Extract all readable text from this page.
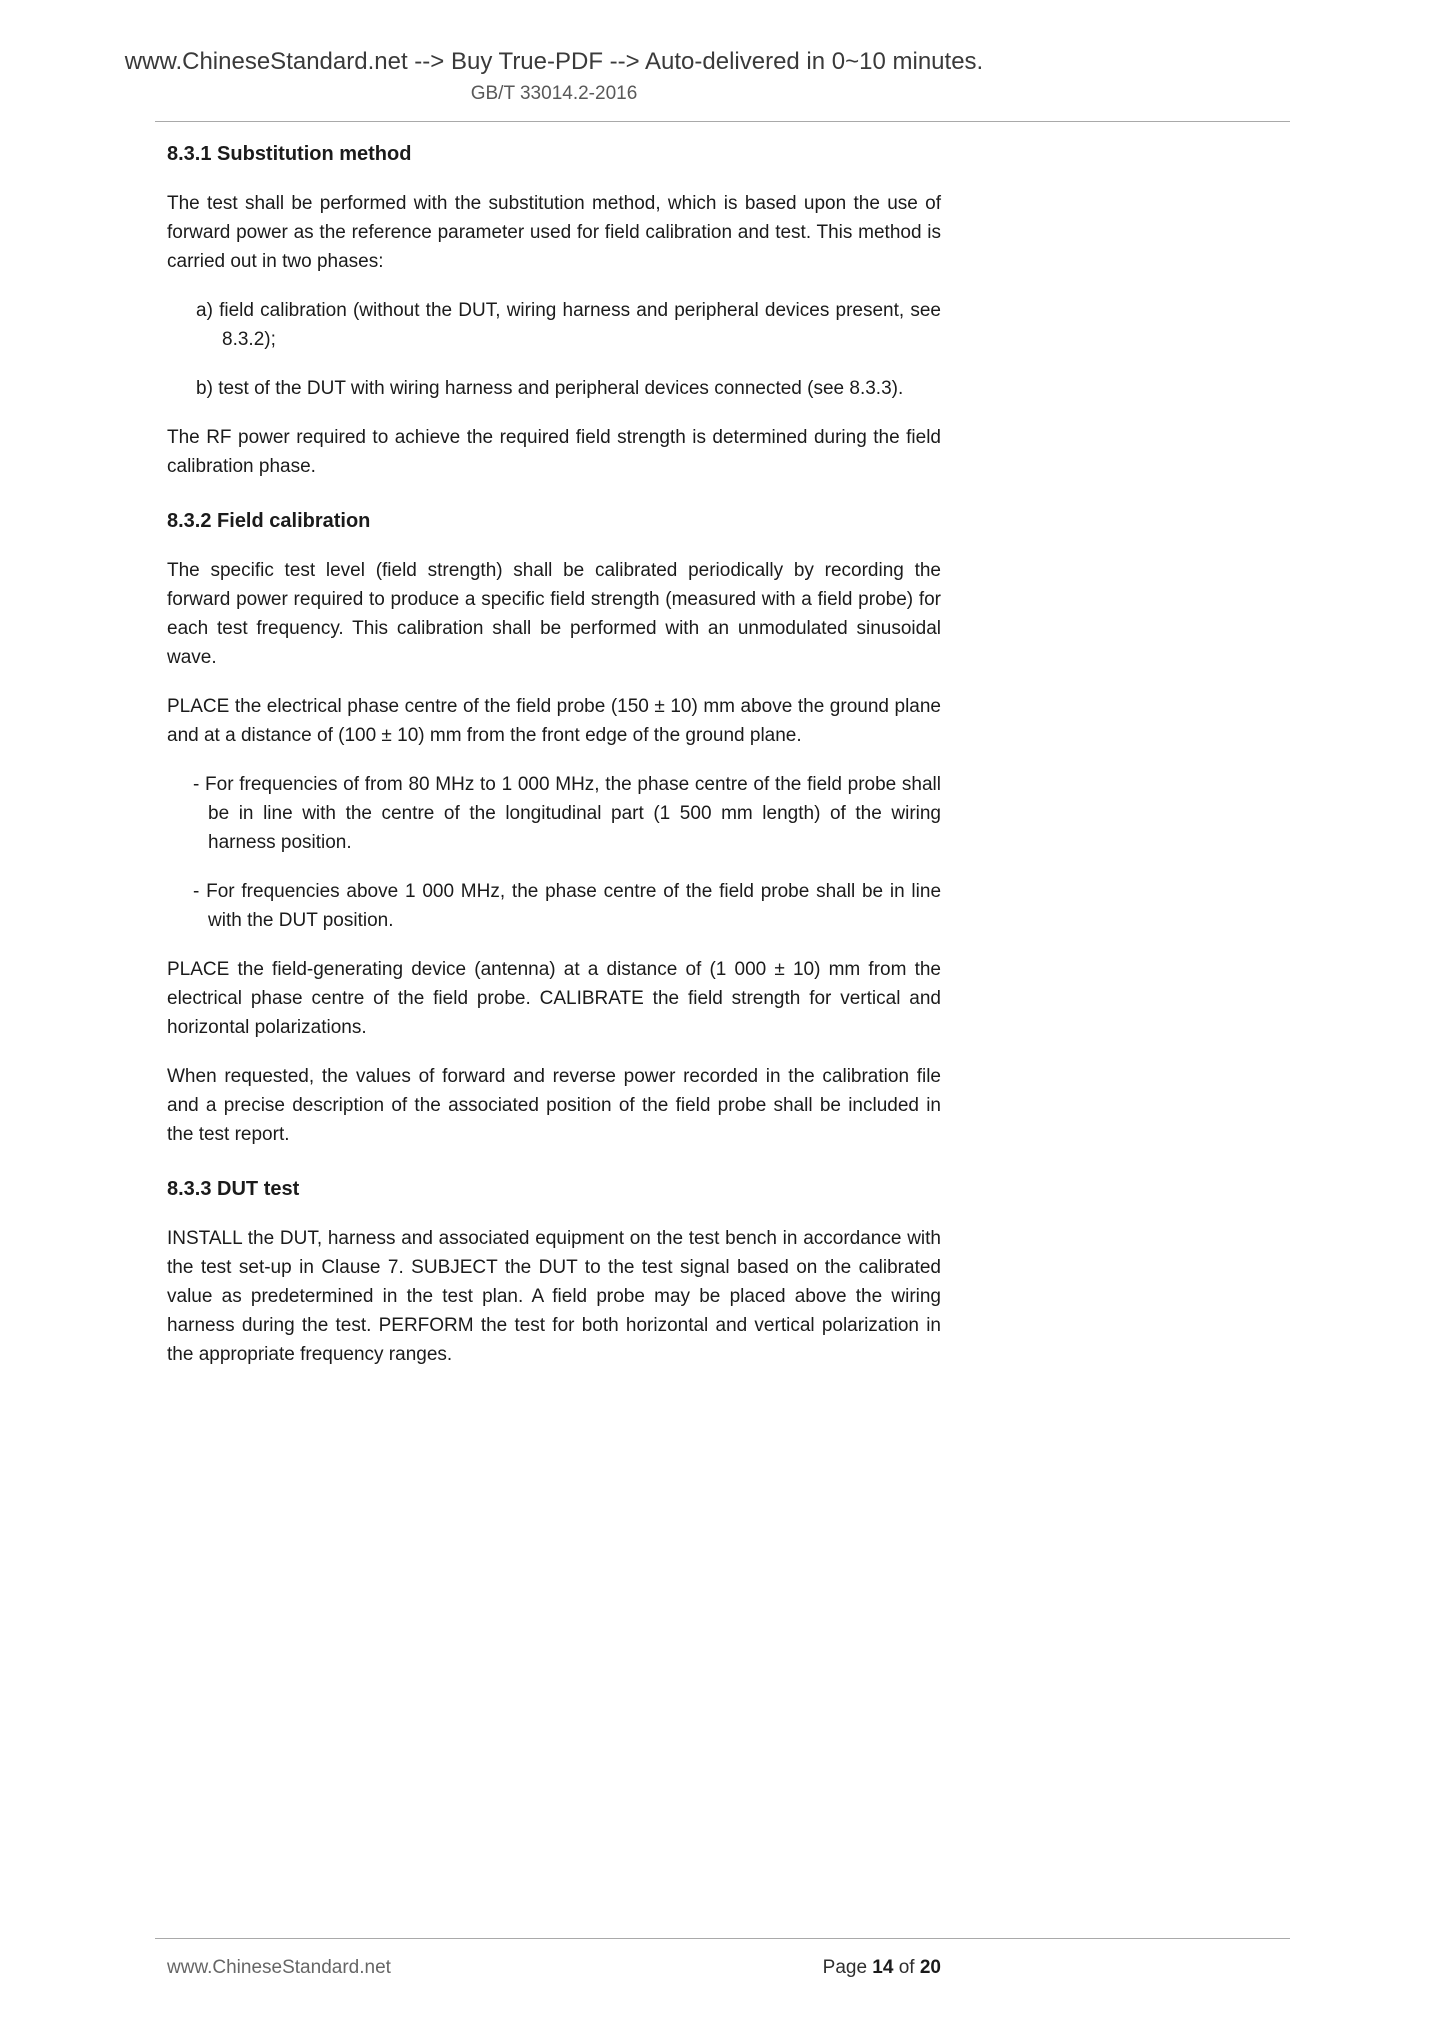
www.ChineseStandard.net --> Buy True-PDF --> Auto-delivered in 0~10 minutes.
GB/T 33014.2-2016

8.3.1 Substitution method

The test shall be performed with the substitution method, which is based upon the use of forward power as the reference parameter used for field calibration and test. This method is carried out in two phases:

a) field calibration (without the DUT, wiring harness and peripheral devices present, see 8.3.2);

b) test of the DUT with wiring harness and peripheral devices connected (see 8.3.3).

The RF power required to achieve the required field strength is determined during the field calibration phase.

8.3.2 Field calibration

The specific test level (field strength) shall be calibrated periodically by recording the forward power required to produce a specific field strength (measured with a field probe) for each test frequency. This calibration shall be performed with an unmodulated sinusoidal wave.

PLACE the electrical phase centre of the field probe (150 ± 10) mm above the ground plane and at a distance of (100 ± 10) mm from the front edge of the ground plane.

- For frequencies of from 80 MHz to 1 000 MHz, the phase centre of the field probe shall be in line with the centre of the longitudinal part (1 500 mm length) of the wiring harness position.

- For frequencies above 1 000 MHz, the phase centre of the field probe shall be in line with the DUT position.

PLACE the field-generating device (antenna) at a distance of (1 000 ± 10) mm from the electrical phase centre of the field probe. CALIBRATE the field strength for vertical and horizontal polarizations.

When requested, the values of forward and reverse power recorded in the calibration file and a precise description of the associated position of the field probe shall be included in the test report.

8.3.3 DUT test

INSTALL the DUT, harness and associated equipment on the test bench in accordance with the test set-up in Clause 7. SUBJECT the DUT to the test signal based on the calibrated value as predetermined in the test plan. A field probe may be placed above the wiring harness during the test. PERFORM the test for both horizontal and vertical polarization in the appropriate frequency ranges.

www.ChineseStandard.net	Page 14 of 20
